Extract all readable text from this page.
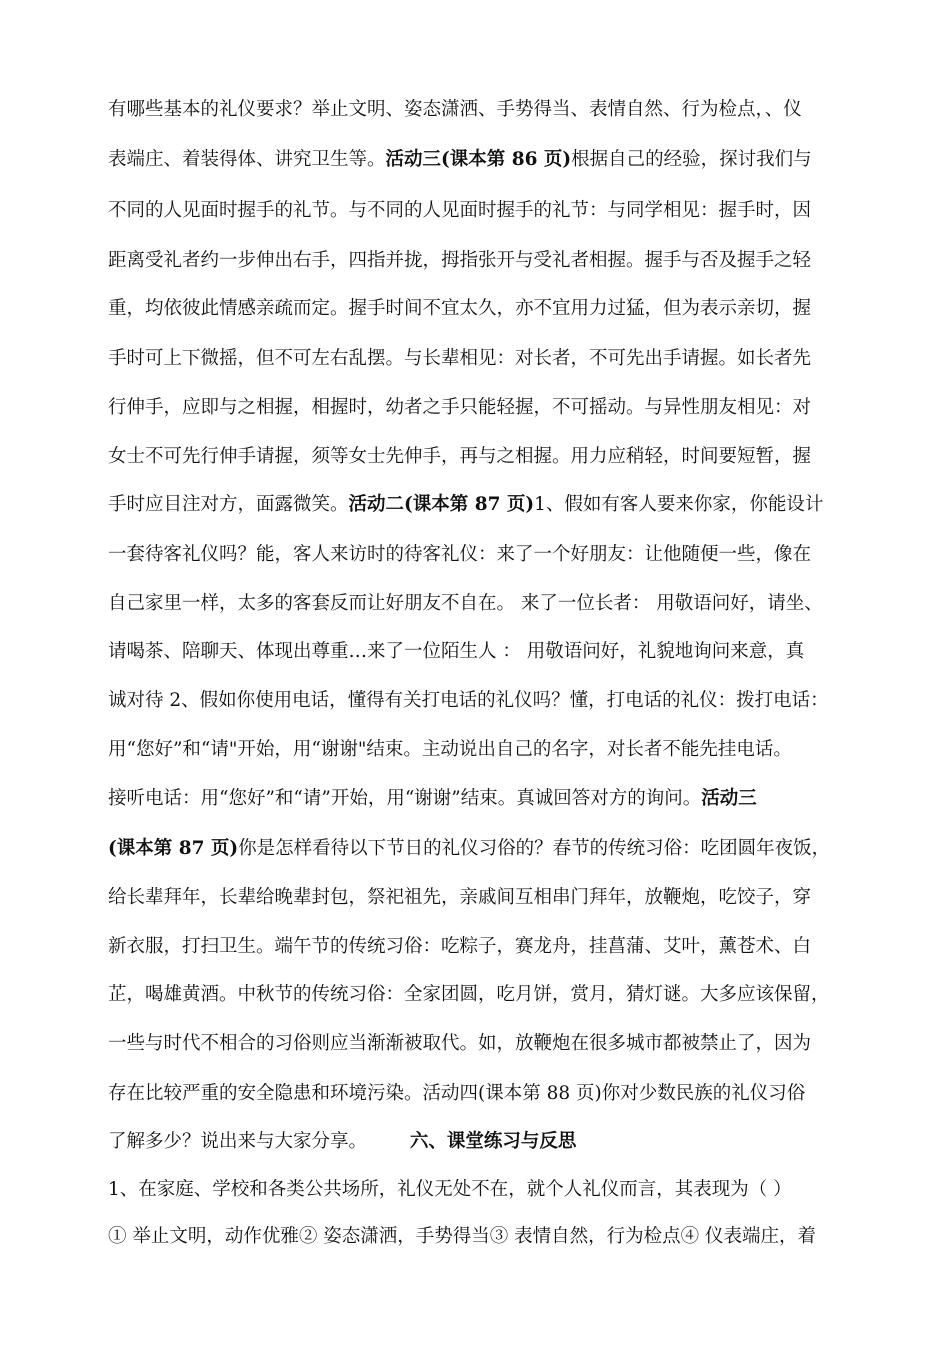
有哪些基本的礼仪要求？举止文明、姿态潇洒、手势得当、表情自然、行为检点，、仪
表端庄、着装得体、讲究卫生等。活动三(课本第 86 页)根据自己的经验，探讨我们与
不同的人见面时握手的礼节。与不同的人见面时握手的礼节：与同学相见：握手时，因
距离受礼者约一步伸出右手，四指并拢，拇指张开与受礼者相握。握手与否及握手之轻
重，均依彼此情感亲疏而定。握手时间不宜太久，亦不宜用力过猛，但为表示亲切，握
手时可上下微摇，但不可左右乱摆。与长辈相见：对长者，不可先出手请握。如长者先
行伸手，应即与之相握，相握时，幼者之手只能轻握，不可摇动。与异性朋友相见：对
女士不可先行伸手请握，须等女士先伸手，再与之相握。用力应稍轻，时间要短暂，握
手时应目注对方，面露微笑。活动二(课本第 87 页)1、假如有客人要来你家，你能设计
一套待客礼仪吗？能，客人来访时的待客礼仪：来了一个好朋友：让他随便一些，像在
自己家里一样，太多的客套反而让好朋友不自在。 来了一位长者： 用敬语问好，请坐、
请喝茶、陪聊天、体现出尊重…来了一位陌生人 ： 用敬语问好，礼貌地询问来意，真
诚对待 2、假如你使用电话，懂得有关打电话的礼仪吗？懂，打电话的礼仪：拨打电话：
用“您好”和“请"开始，用“谢谢"结束。主动说出自己的名字，对长者不能先挂电话。
接听电话：用“您好”和“请”开始，用“谢谢”结束。真诚回答对方的询问。活动三
(课本第 87 页)你是怎样看待以下节日的礼仪习俗的？春节的传统习俗：吃团圆年夜饭，
给长辈拜年，长辈给晚辈封包，祭祀祖先，亲戚间互相串门拜年，放鞭炮，吃饺子，穿
新衣服，打扫卫生。端午节的传统习俗：吃粽子，赛龙舟，挂菖蒲、艾叶，薰苍术、白
芷，喝雄黄酒。中秋节的传统习俗：全家团圆，吃月饼，赏月，猜灯谜。大多应该保留，
一些与时代不相合的习俗则应当渐渐被取代。如，放鞭炮在很多城市都被禁止了，因为
存在比较严重的安全隐患和环境污染。活动四(课本第 88 页)你对少数民族的礼仪习俗
了解多少？说出来与大家分享。 　　六、课堂练习与反思
1、在家庭、学校和各类公共场所，礼仪无处不在，就个人礼仪而言，其表现为（ ）
① 举止文明，动作优雅② 姿态潇洒，手势得当③ 表情自然，行为检点④ 仪表端庄，着
